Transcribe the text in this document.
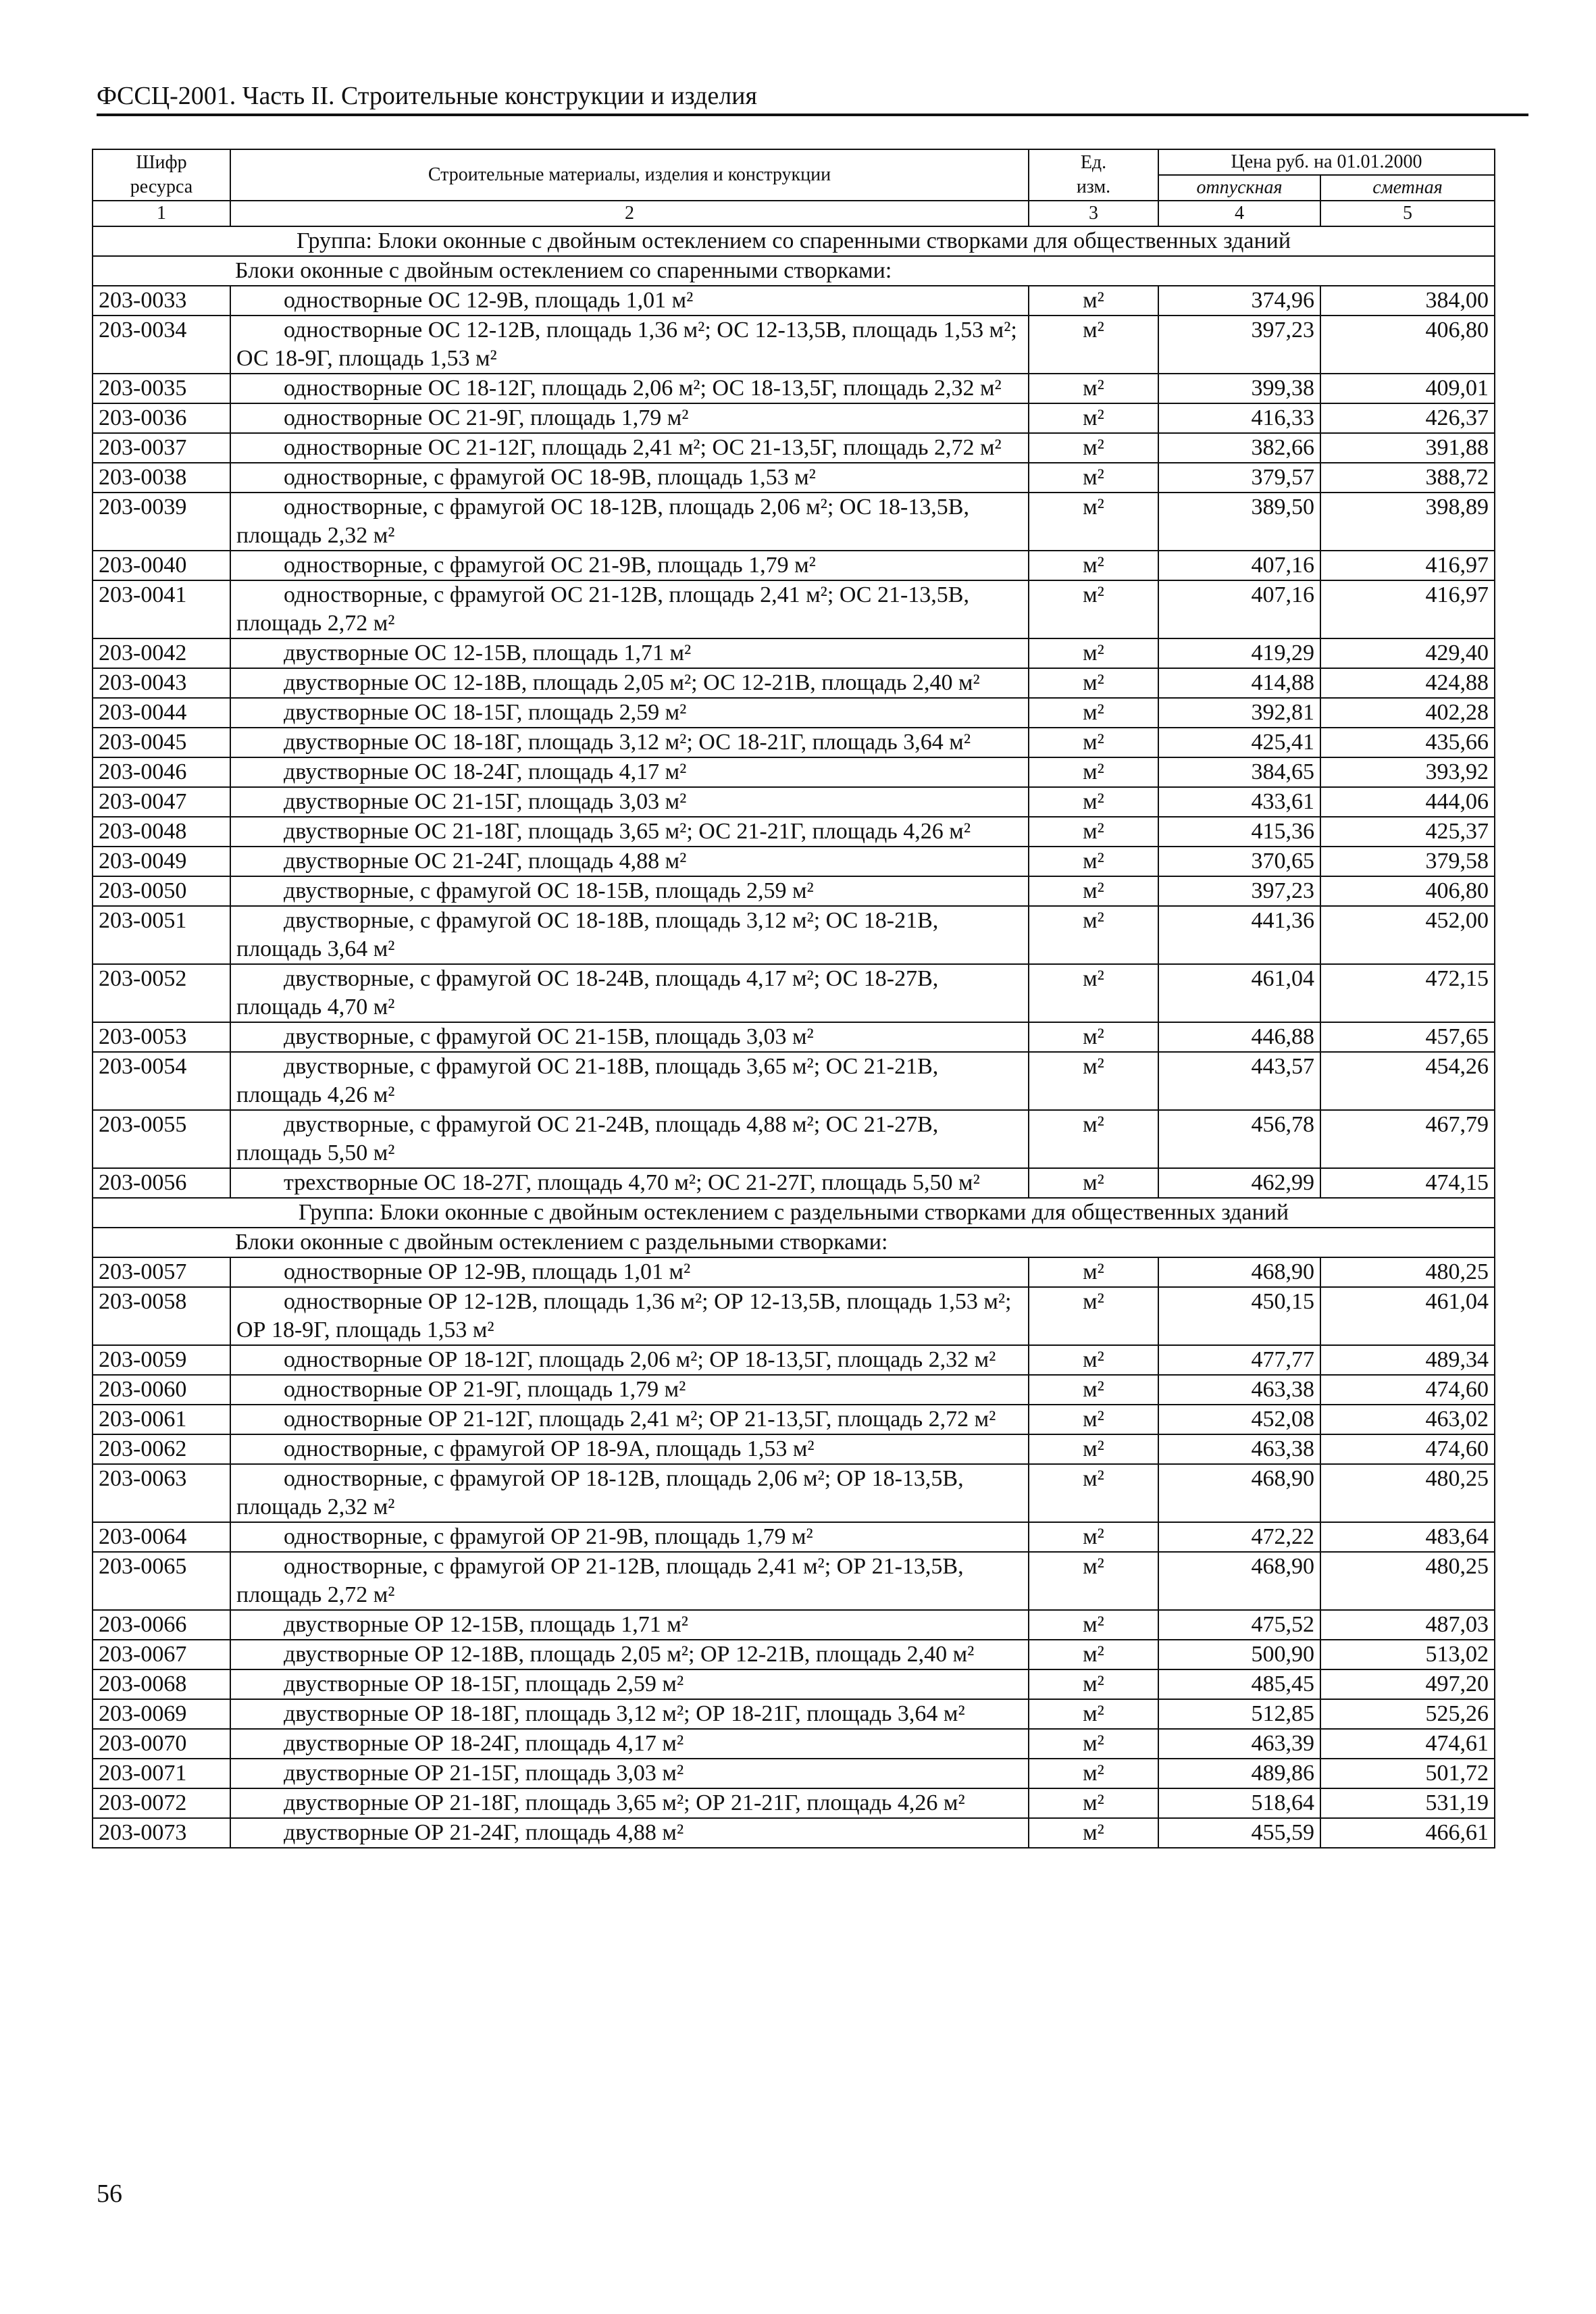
ФССЦ-2001. Часть II. Строительные конструкции и изделия
Шифр
ресурса	Строительные материалы, изделия и конструкции	Ед.
изм.	Цена руб. на 01.01.2000	
			отпускная	сметная
1	2	3	4	5
Группа: Блоки оконные с двойным остеклением со спаренными створками для общественных зданий				
Блоки оконные с двойным остеклением со спаренными створками:				
203-0033	одностворные ОС 12-9В, площадь 1,01 м²	м²	374,96	384,00
203-0034	одностворные ОС 12-12В, площадь 1,36 м²; ОС 12-13,5В, площадь 1,53 м²; ОС 18-9Г, площадь 1,53 м²	м²	397,23	406,80
203-0035	одностворные ОС 18-12Г, площадь 2,06 м²; ОС 18-13,5Г, площадь 2,32 м²	м²	399,38	409,01
203-0036	одностворные ОС 21-9Г, площадь 1,79 м²	м²	416,33	426,37
203-0037	одностворные ОС 21-12Г, площадь 2,41 м²; ОС 21-13,5Г, площадь 2,72 м²	м²	382,66	391,88
203-0038	одностворные, с фрамугой ОС 18-9В, площадь 1,53 м²	м²	379,57	388,72
203-0039	одностворные, с фрамугой ОС 18-12В, площадь 2,06 м²; ОС 18-13,5В, площадь 2,32 м²	м²	389,50	398,89
203-0040	одностворные, с фрамугой ОС 21-9В, площадь 1,79 м²	м²	407,16	416,97
203-0041	одностворные, с фрамугой ОС 21-12В, площадь 2,41 м²; ОС 21-13,5В, площадь 2,72 м²	м²	407,16	416,97
203-0042	двустворные ОС 12-15В, площадь 1,71 м²	м²	419,29	429,40
203-0043	двустворные ОС 12-18В, площадь 2,05 м²; ОС 12-21В, площадь 2,40 м²	м²	414,88	424,88
203-0044	двустворные ОС 18-15Г, площадь 2,59 м²	м²	392,81	402,28
203-0045	двустворные ОС 18-18Г, площадь 3,12 м²; ОС 18-21Г, площадь 3,64 м²	м²	425,41	435,66
203-0046	двустворные ОС 18-24Г, площадь 4,17 м²	м²	384,65	393,92
203-0047	двустворные ОС 21-15Г, площадь 3,03 м²	м²	433,61	444,06
203-0048	двустворные ОС 21-18Г, площадь 3,65 м²; ОС 21-21Г, площадь 4,26 м²	м²	415,36	425,37
203-0049	двустворные ОС 21-24Г, площадь 4,88 м²	м²	370,65	379,58
203-0050	двустворные, с фрамугой ОС 18-15В, площадь 2,59 м²	м²	397,23	406,80
203-0051	двустворные, с фрамугой ОС 18-18В, площадь 3,12 м²; ОС 18-21В, площадь 3,64 м²	м²	441,36	452,00
203-0052	двустворные, с фрамугой ОС 18-24В, площадь 4,17 м²; ОС 18-27В, площадь 4,70 м²	м²	461,04	472,15
203-0053	двустворные, с фрамугой ОС 21-15В, площадь 3,03 м²	м²	446,88	457,65
203-0054	двустворные, с фрамугой ОС 21-18В, площадь 3,65 м²; ОС 21-21В, площадь 4,26 м²	м²	443,57	454,26
203-0055	двустворные, с фрамугой ОС 21-24В, площадь 4,88 м²; ОС 21-27В, площадь 5,50 м²	м²	456,78	467,79
203-0056	трехстворные ОС 18-27Г, площадь 4,70 м²; ОС 21-27Г, площадь 5,50 м²	м²	462,99	474,15
Группа: Блоки оконные с двойным остеклением с раздельными створками для общественных зданий				
Блоки оконные с двойным остеклением с раздельными створками:				
203-0057	одностворные ОР 12-9В, площадь 1,01 м²	м²	468,90	480,25
203-0058	одностворные ОР 12-12В, площадь 1,36 м²; ОР 12-13,5В, площадь 1,53 м²; ОР 18-9Г, площадь 1,53 м²	м²	450,15	461,04
203-0059	одностворные ОР 18-12Г, площадь 2,06 м²; ОР 18-13,5Г, площадь 2,32 м²	м²	477,77	489,34
203-0060	одностворные ОР 21-9Г, площадь 1,79 м²	м²	463,38	474,60
203-0061	одностворные ОР 21-12Г, площадь 2,41 м²; ОР 21-13,5Г, площадь 2,72 м²	м²	452,08	463,02
203-0062	одностворные, с фрамугой ОР 18-9А, площадь 1,53 м²	м²	463,38	474,60
203-0063	одностворные, с фрамугой ОР 18-12В, площадь 2,06 м²; ОР 18-13,5В, площадь 2,32 м²	м²	468,90	480,25
203-0064	одностворные, с фрамугой ОР 21-9В, площадь 1,79 м²	м²	472,22	483,64
203-0065	одностворные, с фрамугой ОР 21-12В, площадь 2,41 м²; ОР 21-13,5В, площадь 2,72 м²	м²	468,90	480,25
203-0066	двустворные ОР 12-15В, площадь 1,71 м²	м²	475,52	487,03
203-0067	двустворные ОР 12-18В, площадь 2,05 м²; ОР 12-21В, площадь 2,40 м²	м²	500,90	513,02
203-0068	двустворные ОР 18-15Г, площадь 2,59 м²	м²	485,45	497,20
203-0069	двустворные ОР 18-18Г, площадь 3,12 м²; ОР 18-21Г, площадь 3,64 м²	м²	512,85	525,26
203-0070	двустворные ОР 18-24Г, площадь 4,17 м²	м²	463,39	474,61
203-0071	двустворные ОР 21-15Г, площадь 3,03 м²	м²	489,86	501,72
203-0072	двустворные ОР 21-18Г, площадь 3,65 м²; ОР 21-21Г, площадь 4,26 м²	м²	518,64	531,19
203-0073	двустворные ОР 21-24Г, площадь 4,88 м²	м²	455,59	466,61
56
